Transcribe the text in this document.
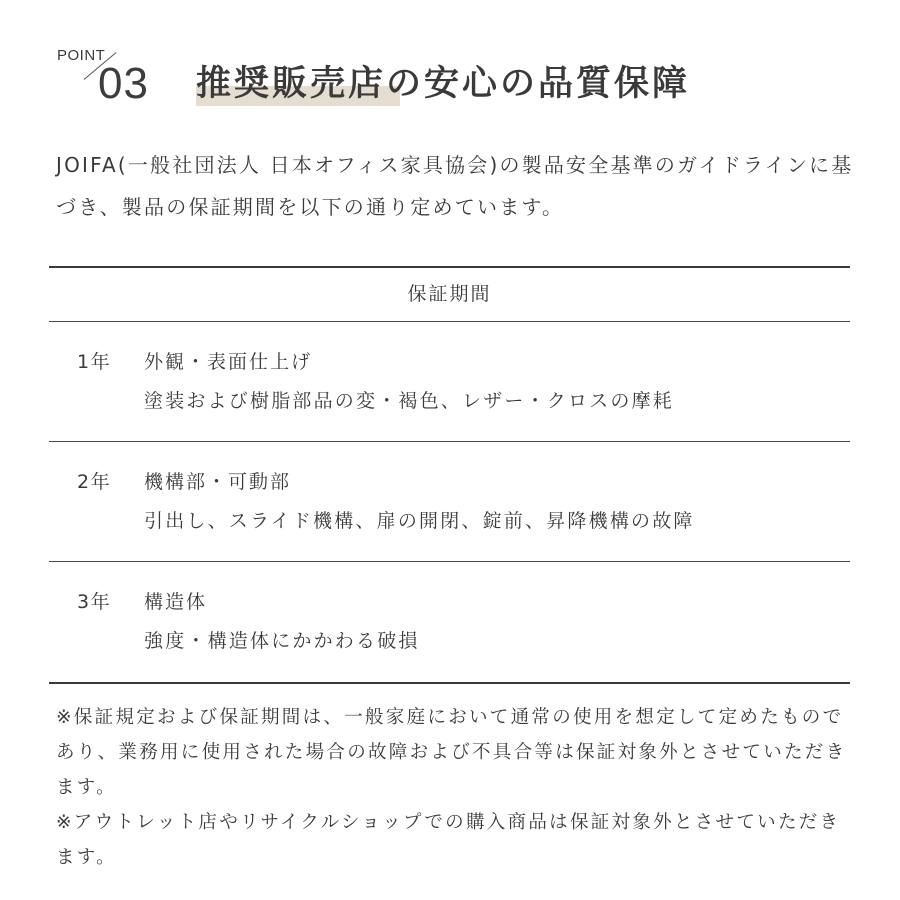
POINT
03 推奨販売店の安心の品質保障

JOIFA(一般社団法人 日本オフィス家具協会)の製品安全基準のガイドラインに基づき、製品の保証期間を以下の通り定めています。

保証期間
1年 外観・表面仕上げ
塗装および樹脂部品の変・褐色、レザー・クロスの摩耗
2年 機構部・可動部
引出し、スライド機構、扉の開閉、錠前、昇降機構の故障
3年 構造体
強度・構造体にかかわる破損

※保証規定および保証期間は、一般家庭において通常の使用を想定して定めたものであり、業務用に使用された場合の故障および不具合等は保証対象外とさせていただきます。

※アウトレット店やリサイクルショップでの購入商品は保証対象外とさせていただきます。
